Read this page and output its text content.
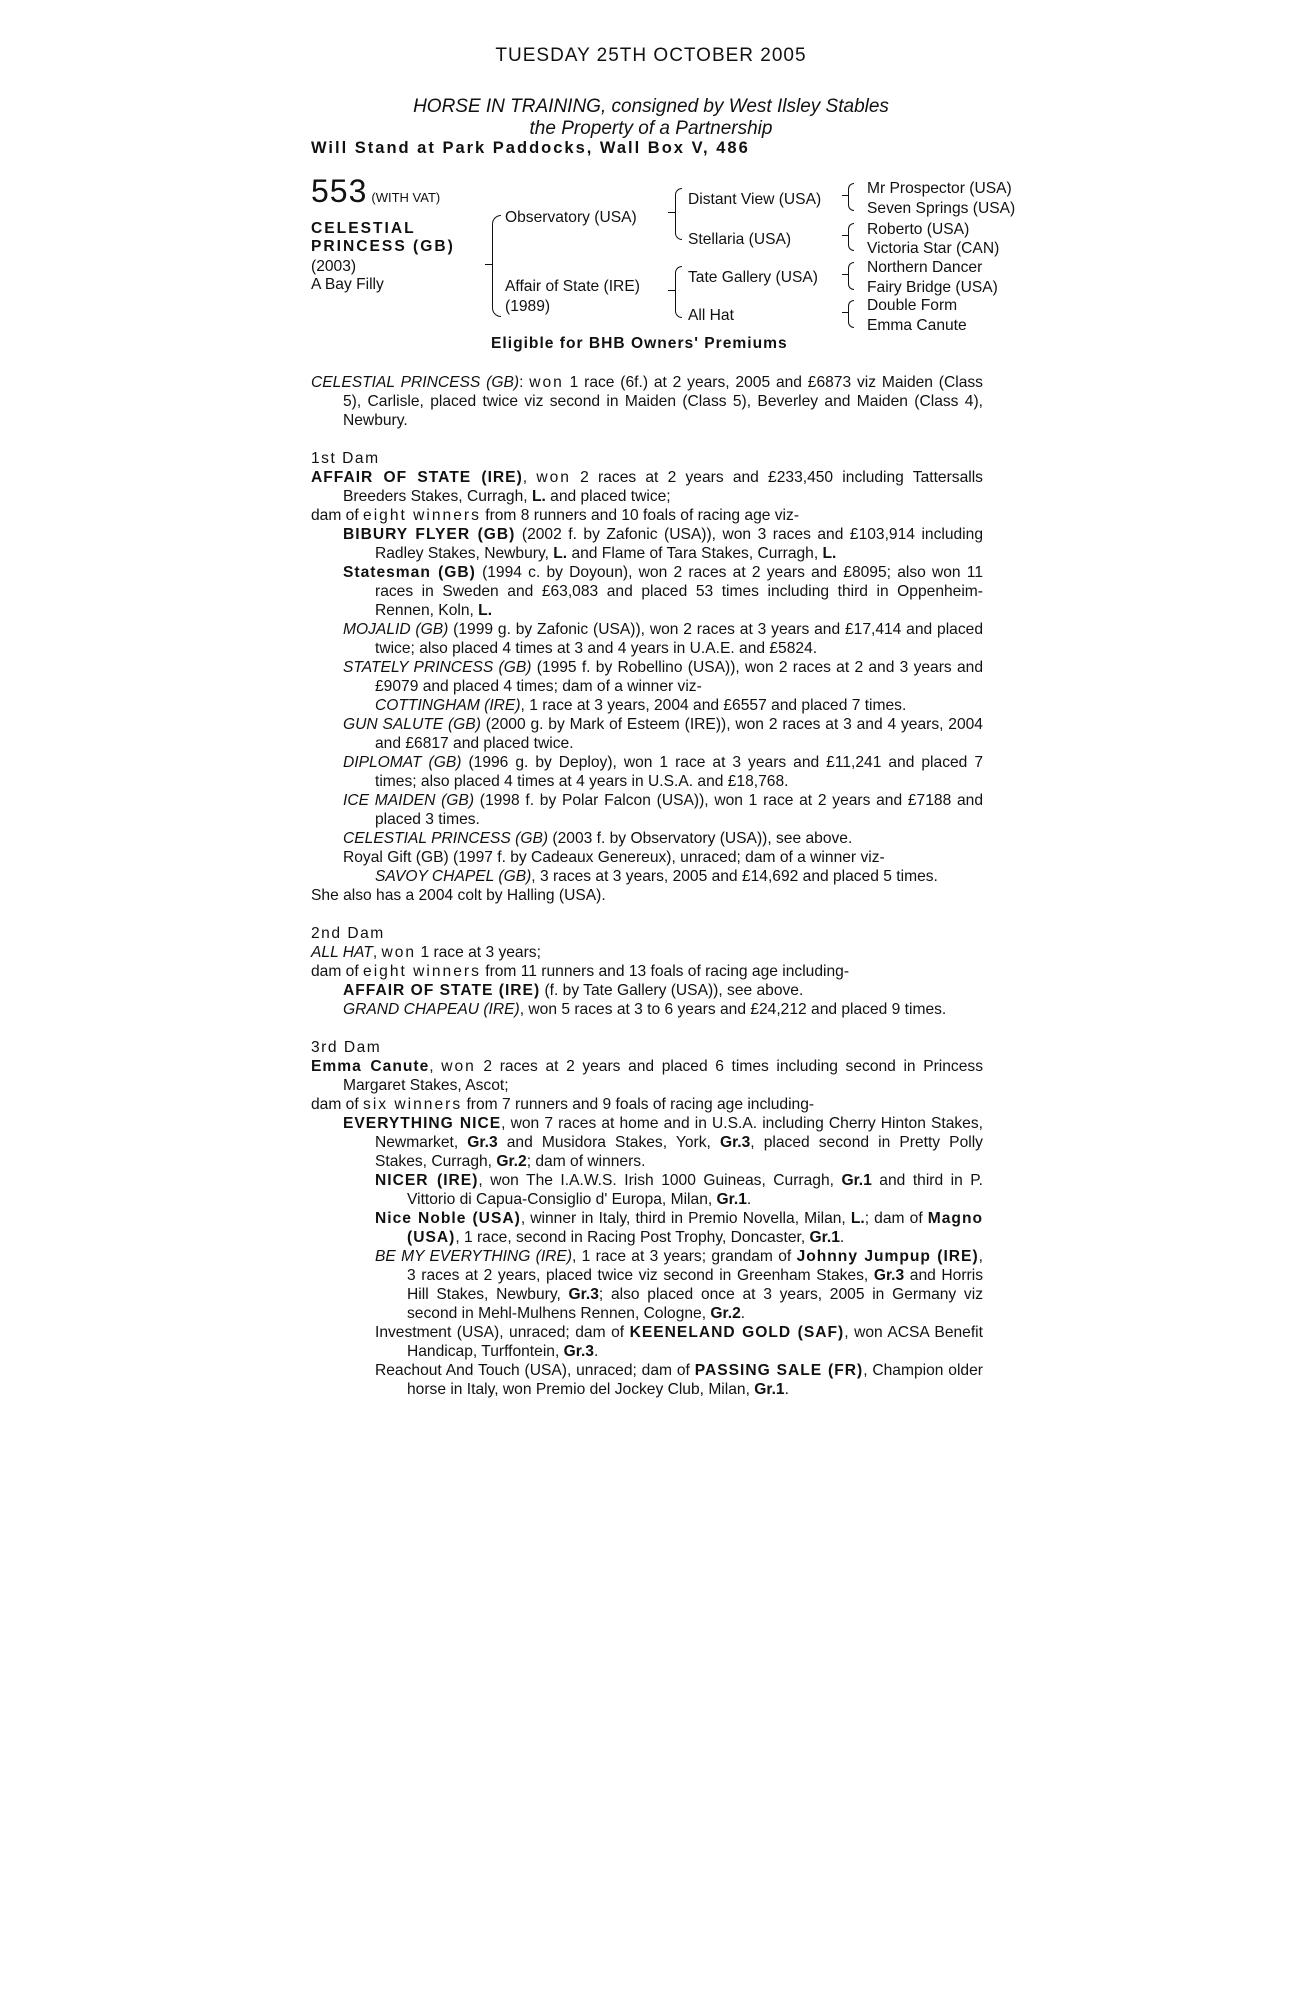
TUESDAY 25TH OCTOBER 2005
HORSE IN TRAINING, consigned by West Ilsley Stables
the Property of a Partnership
Will Stand at Park Paddocks, Wall Box V, 486
553 (WITH VAT)
CELESTIAL
PRINCESS (GB)
(2003)
A Bay Filly
Observatory (USA)
Affair of State (IRE)
(1989)
Distant View (USA)
Stellaria (USA)
Tate Gallery (USA)
All Hat
Mr Prospector (USA)
Seven Springs (USA)
Roberto (USA)
Victoria Star (CAN)
Northern Dancer
Fairy Bridge (USA)
Double Form
Emma Canute
Eligible for BHB Owners' Premiums

CELESTIAL PRINCESS (GB): won 1 race (6f.) at 2 years, 2005 and £6873 viz Maiden (Class 5), Carlisle, placed twice viz second in Maiden (Class 5), Beverley and Maiden (Class 4), Newbury.

1st Dam

AFFAIR OF STATE (IRE), won 2 races at 2 years and £233,450 including Tattersalls Breeders Stakes, Curragh, L. and placed twice;

dam of eight winners from 8 runners and 10 foals of racing age viz-

BIBURY FLYER (GB) (2002 f. by Zafonic (USA)), won 3 races and £103,914 including Radley Stakes, Newbury, L. and Flame of Tara Stakes, Curragh, L.

Statesman (GB) (1994 c. by Doyoun), won 2 races at 2 years and £8095; also won 11 races in Sweden and £63,083 and placed 53 times including third in Oppenheim-Rennen, Koln, L.

MOJALID (GB) (1999 g. by Zafonic (USA)), won 2 races at 3 years and £17,414 and placed twice; also placed 4 times at 3 and 4 years in U.A.E. and £5824.

STATELY PRINCESS (GB) (1995 f. by Robellino (USA)), won 2 races at 2 and 3 years and £9079 and placed 4 times; dam of a winner viz-

COTTINGHAM (IRE), 1 race at 3 years, 2004 and £6557 and placed 7 times.

GUN SALUTE (GB) (2000 g. by Mark of Esteem (IRE)), won 2 races at 3 and 4 years, 2004 and £6817 and placed twice.

DIPLOMAT (GB) (1996 g. by Deploy), won 1 race at 3 years and £11,241 and placed 7 times; also placed 4 times at 4 years in U.S.A. and £18,768.

ICE MAIDEN (GB) (1998 f. by Polar Falcon (USA)), won 1 race at 2 years and £7188 and placed 3 times.

CELESTIAL PRINCESS (GB) (2003 f. by Observatory (USA)), see above.

Royal Gift (GB) (1997 f. by Cadeaux Genereux), unraced; dam of a winner viz-

SAVOY CHAPEL (GB), 3 races at 3 years, 2005 and £14,692 and placed 5 times.

She also has a 2004 colt by Halling (USA).

2nd Dam

ALL HAT, won 1 race at 3 years;

dam of eight winners from 11 runners and 13 foals of racing age including-

AFFAIR OF STATE (IRE) (f. by Tate Gallery (USA)), see above.

GRAND CHAPEAU (IRE), won 5 races at 3 to 6 years and £24,212 and placed 9 times.

3rd Dam

Emma Canute, won 2 races at 2 years and placed 6 times including second in Princess Margaret Stakes, Ascot;

dam of six winners from 7 runners and 9 foals of racing age including-

EVERYTHING NICE, won 7 races at home and in U.S.A. including Cherry Hinton Stakes, Newmarket, Gr.3 and Musidora Stakes, York, Gr.3, placed second in Pretty Polly Stakes, Curragh, Gr.2; dam of winners.

NICER (IRE), won The I.A.W.S. Irish 1000 Guineas, Curragh, Gr.1 and third in P. Vittorio di Capua-Consiglio d' Europa, Milan, Gr.1.

Nice Noble (USA), winner in Italy, third in Premio Novella, Milan, L.; dam of Magno (USA), 1 race, second in Racing Post Trophy, Doncaster, Gr.1.

BE MY EVERYTHING (IRE), 1 race at 3 years; grandam of Johnny Jumpup (IRE), 3 races at 2 years, placed twice viz second in Greenham Stakes, Gr.3 and Horris Hill Stakes, Newbury, Gr.3; also placed once at 3 years, 2005 in Germany viz second in Mehl-Mulhens Rennen, Cologne, Gr.2.

Investment (USA), unraced; dam of KEENELAND GOLD (SAF), won ACSA Benefit Handicap, Turffontein, Gr.3.

Reachout And Touch (USA), unraced; dam of PASSING SALE (FR), Champion older horse in Italy, won Premio del Jockey Club, Milan, Gr.1.
